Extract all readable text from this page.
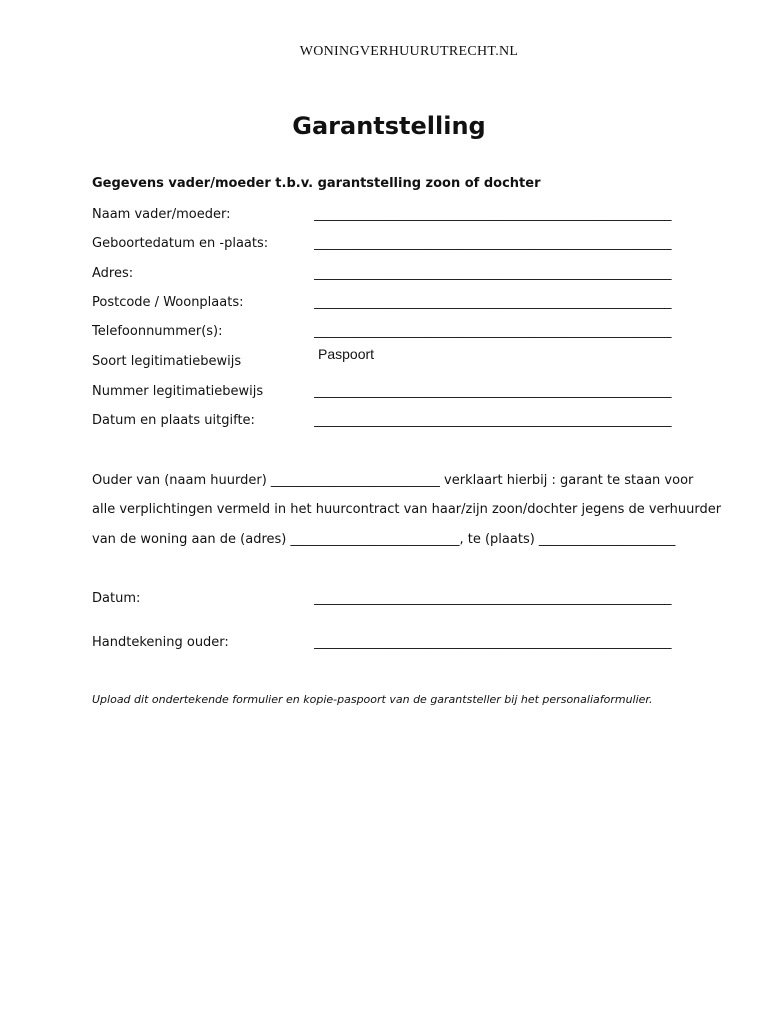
WONINGVERHUURUTRECHT.NL
Garantstelling
Gegevens vader/moeder t.b.v. garantstelling zoon of dochter
Naam vader/moeder:	_______________________________________________________
Geboortedatum en -plaats:	_______________________________________________________
Adres:	_______________________________________________________
Postcode / Woonplaats:	_______________________________________________________
Telefoonnummer(s):	_______________________________________________________
Soort legitimatiebewijs	Paspoort
Nummer legitimatiebewijs	_______________________________________________________
Datum en plaats uitgifte:	_______________________________________________________
Ouder van (naam huurder) __________________________ verklaart hierbij : garant te staan voor
alle verplichtingen vermeld in het huurcontract van haar/zijn zoon/dochter jegens de verhuurder
van de woning aan de (adres) __________________________, te (plaats) _____________________
Datum:	_______________________________________________________
Handtekening ouder:	_______________________________________________________
Upload dit ondertekende formulier en kopie-paspoort van de garantsteller bij het personaliaformulier.
